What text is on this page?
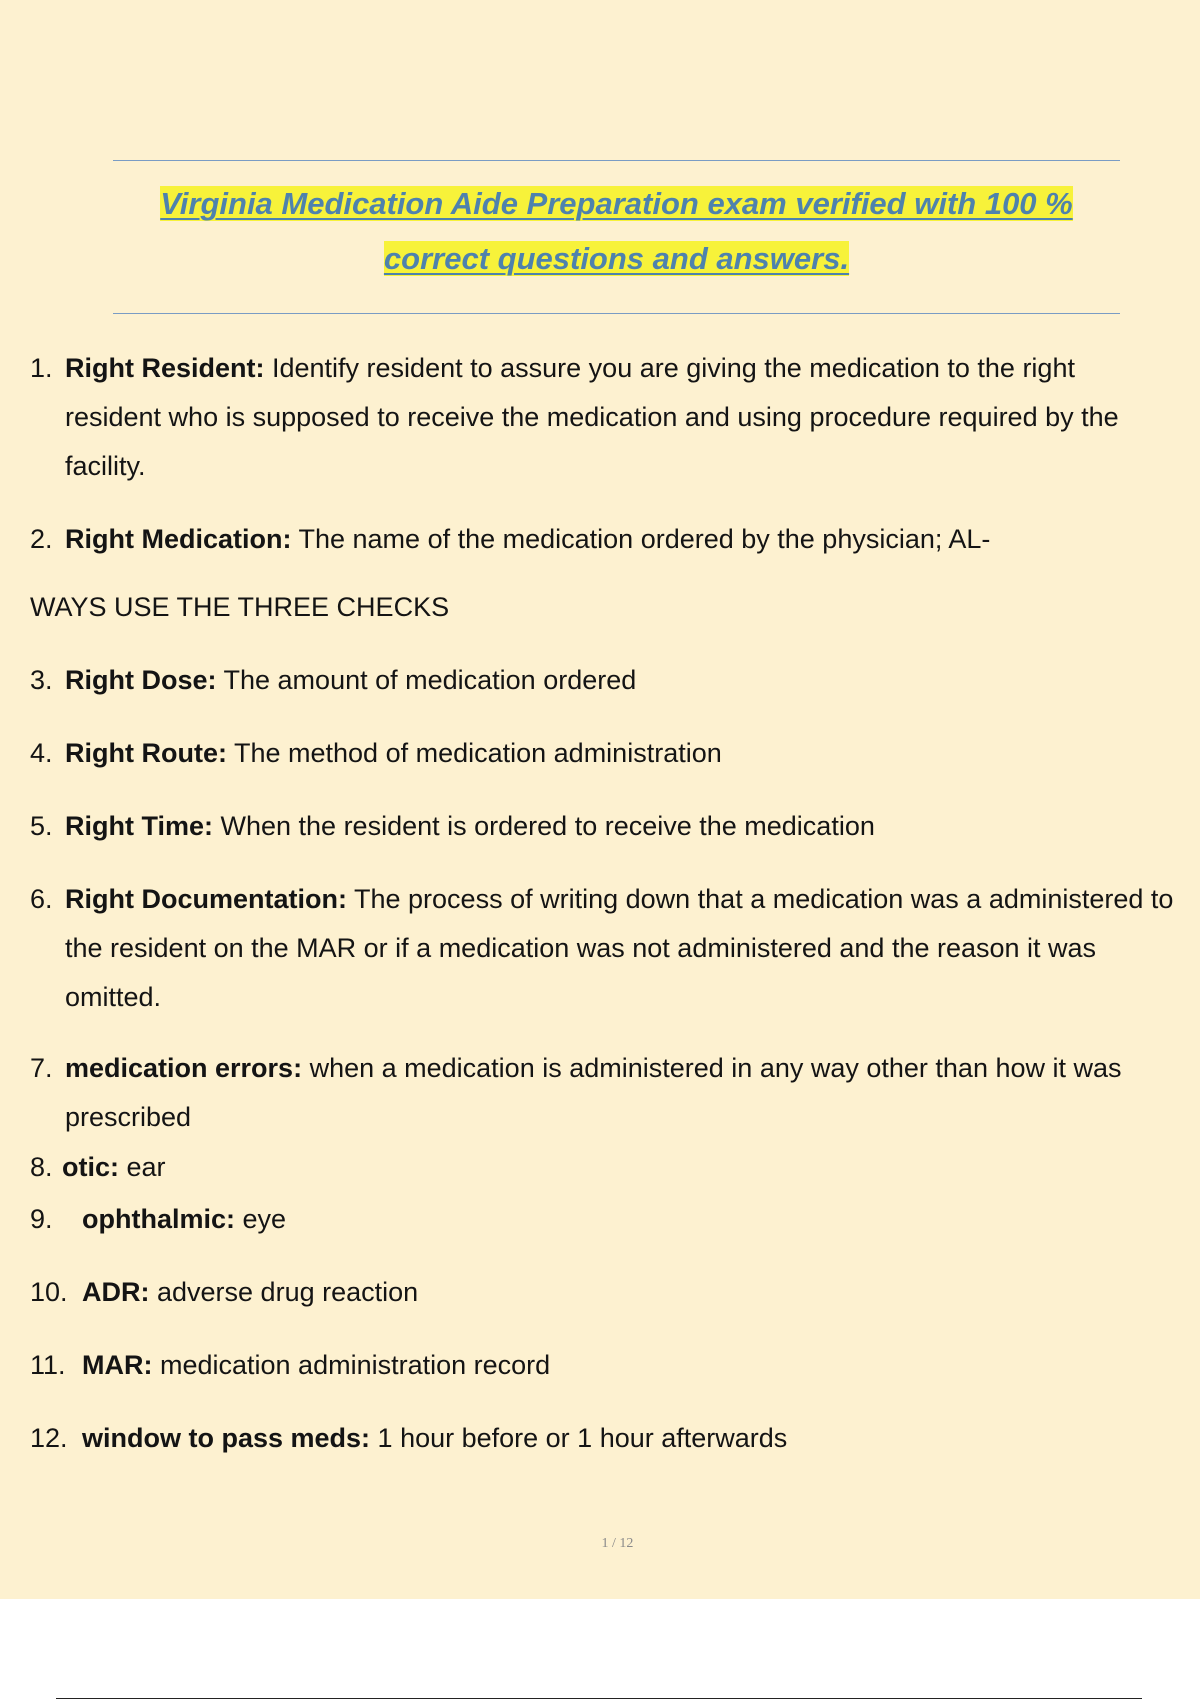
Virginia Medication Aide Preparation exam verified with 100 %
correct questions and answers.
1. Right Resident: Identify resident to assure you are giving the medication to the right resident who is supposed to receive the medication and using procedure required by the facility.
2. Right Medication: The name of the medication ordered by the physician; AL-
WAYS USE THE THREE CHECKS
3. Right Dose: The amount of medication ordered
4. Right Route: The method of medication administration
5. Right Time: When the resident is ordered to receive the medication
6. Right Documentation: The process of writing down that a medication was a administered to the resident on the MAR or if a medication was not administered and the reason it was omitted.
7. medication errors: when a medication is administered in any way other than how it was prescribed
8. otic: ear
9.	ophthalmic: eye
10. ADR: adverse drug reaction
11. MAR: medication administration record
12. window to pass meds: 1 hour before or 1 hour afterwards
1 / 12
